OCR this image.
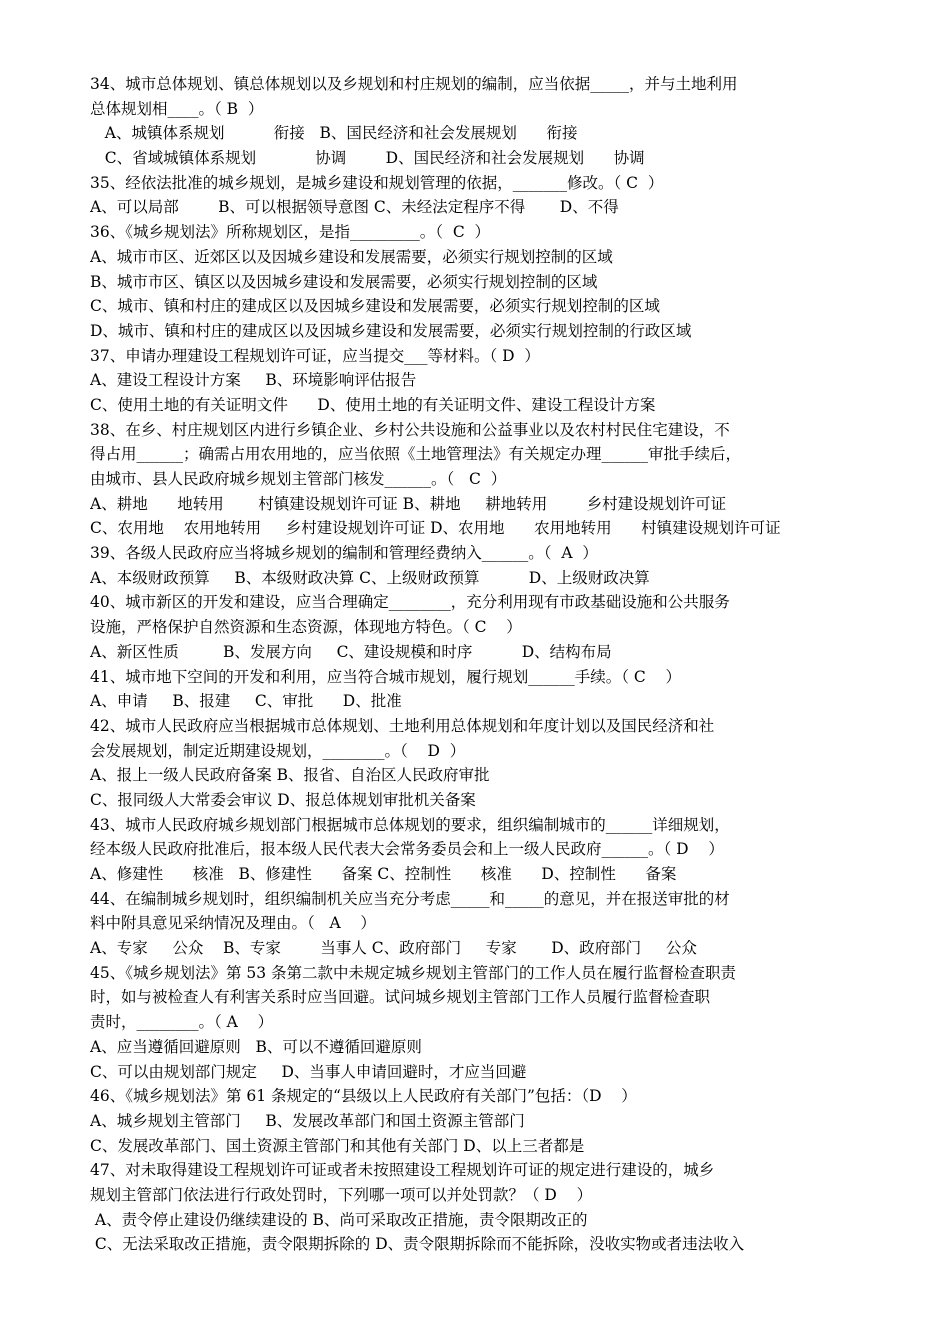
34、城市总体规划、镇总体规划以及乡规划和村庄规划的编制，应当依据_____，并与土地利用
总体规划相____。（ B  ）
A、城镇体系规划          衔接   B、国民经济和社会发展规划      衔接
C、省域城镇体系规划            协调        D、国民经济和社会发展规划      协调
35、经依法批准的城乡规划，是城乡建设和规划管理的依据，_______修改。（ C  ）
A、可以局部        B、可以根据领导意图 C、未经法定程序不得       D、不得
36、《城乡规划法》所称规划区，是指_________。（  C  ）
A、城市市区、近郊区以及因城乡建设和发展需要，必须实行规划控制的区域
B、城市市区、镇区以及因城乡建设和发展需要，必须实行规划控制的区域
C、城市、镇和村庄的建成区以及因城乡建设和发展需要，必须实行规划控制的区域
D、城市、镇和村庄的建成区以及因城乡建设和发展需要，必须实行规划控制的行政区域
37、申请办理建设工程规划许可证，应当提交___等材料。（ D  ）
A、建设工程设计方案     B、环境影响评估报告
C、使用土地的有关证明文件      D、使用土地的有关证明文件、建设工程设计方案
38、在乡、村庄规划区内进行乡镇企业、乡村公共设施和公益事业以及农村村民住宅建设，不
得占用______；确需占用农用地的，应当依照《土地管理法》有关规定办理______审批手续后，
由城市、县人民政府城乡规划主管部门核发______。（   C  ）
A、耕地      地转用       村镇建设规划许可证 B、耕地     耕地转用        乡村建设规划许可证
C、农用地    农用地转用     乡村建设规划许可证 D、农用地      农用地转用      村镇建设规划许可证
39、各级人民政府应当将城乡规划的编制和管理经费纳入______。（  A  ）
A、本级财政预算     B、本级财政决算 C、上级财政预算          D、上级财政决算
40、城市新区的开发和建设，应当合理确定________，充分利用现有市政基础设施和公共服务
设施，严格保护自然资源和生态资源，体现地方特色。（ C    ）
A、新区性质         B、发展方向     C、建设规模和时序          D、结构布局
41、城市地下空间的开发和利用，应当符合城市规划，履行规划______手续。（ C    ）
A、申请     B、报建     C、审批      D、批准
42、城市人民政府应当根据城市总体规划、土地利用总体规划和年度计划以及国民经济和社
会发展规划，制定近期建设规划，________。（    D  ）
A、报上一级人民政府备案 B、报省、自治区人民政府审批
C、报同级人大常委会审议 D、报总体规划审批机关备案
43、城市人民政府城乡规划部门根据城市总体规划的要求，组织编制城市的______详细规划，
经本级人民政府批准后，报本级人民代表大会常务委员会和上一级人民政府______。（ D    ）
A、修建性      核准   B、修建性      备案 C、控制性      核准      D、控制性      备案
44、在编制城乡规划时，组织编制机关应当充分考虑_____和_____的意见，并在报送审批的材
料中附具意见采纳情况及理由。（   A    ）
A、专家     公众    B、专家        当事人 C、政府部门     专家       D、政府部门     公众
45、《城乡规划法》第 53 条第二款中未规定城乡规划主管部门的工作人员在履行监督检查职责
时，如与被检查人有利害关系时应当回避。试问城乡规划主管部门工作人员履行监督检查职
责时，________。（ A    ）
A、应当遵循回避原则   B、可以不遵循回避原则
C、可以由规划部门规定     D、当事人申请回避时，才应当回避
46、《城乡规划法》第 61 条规定的“县级以上人民政府有关部门”包括：（D    ）
A、城乡规划主管部门     B、发展改革部门和国土资源主管部门
C、发展改革部门、国土资源主管部门和其他有关部门 D、以上三者都是
47、对未取得建设工程规划许可证或者未按照建设工程规划许可证的规定进行建设的，城乡
规划主管部门依法进行行政处罚时，下列哪一项可以并处罚款？（ D    ）
A、责令停止建设仍继续建设的 B、尚可采取改正措施，责令限期改正的
C、无法采取改正措施，责令限期拆除的 D、责令限期拆除而不能拆除，没收实物或者违法收入
